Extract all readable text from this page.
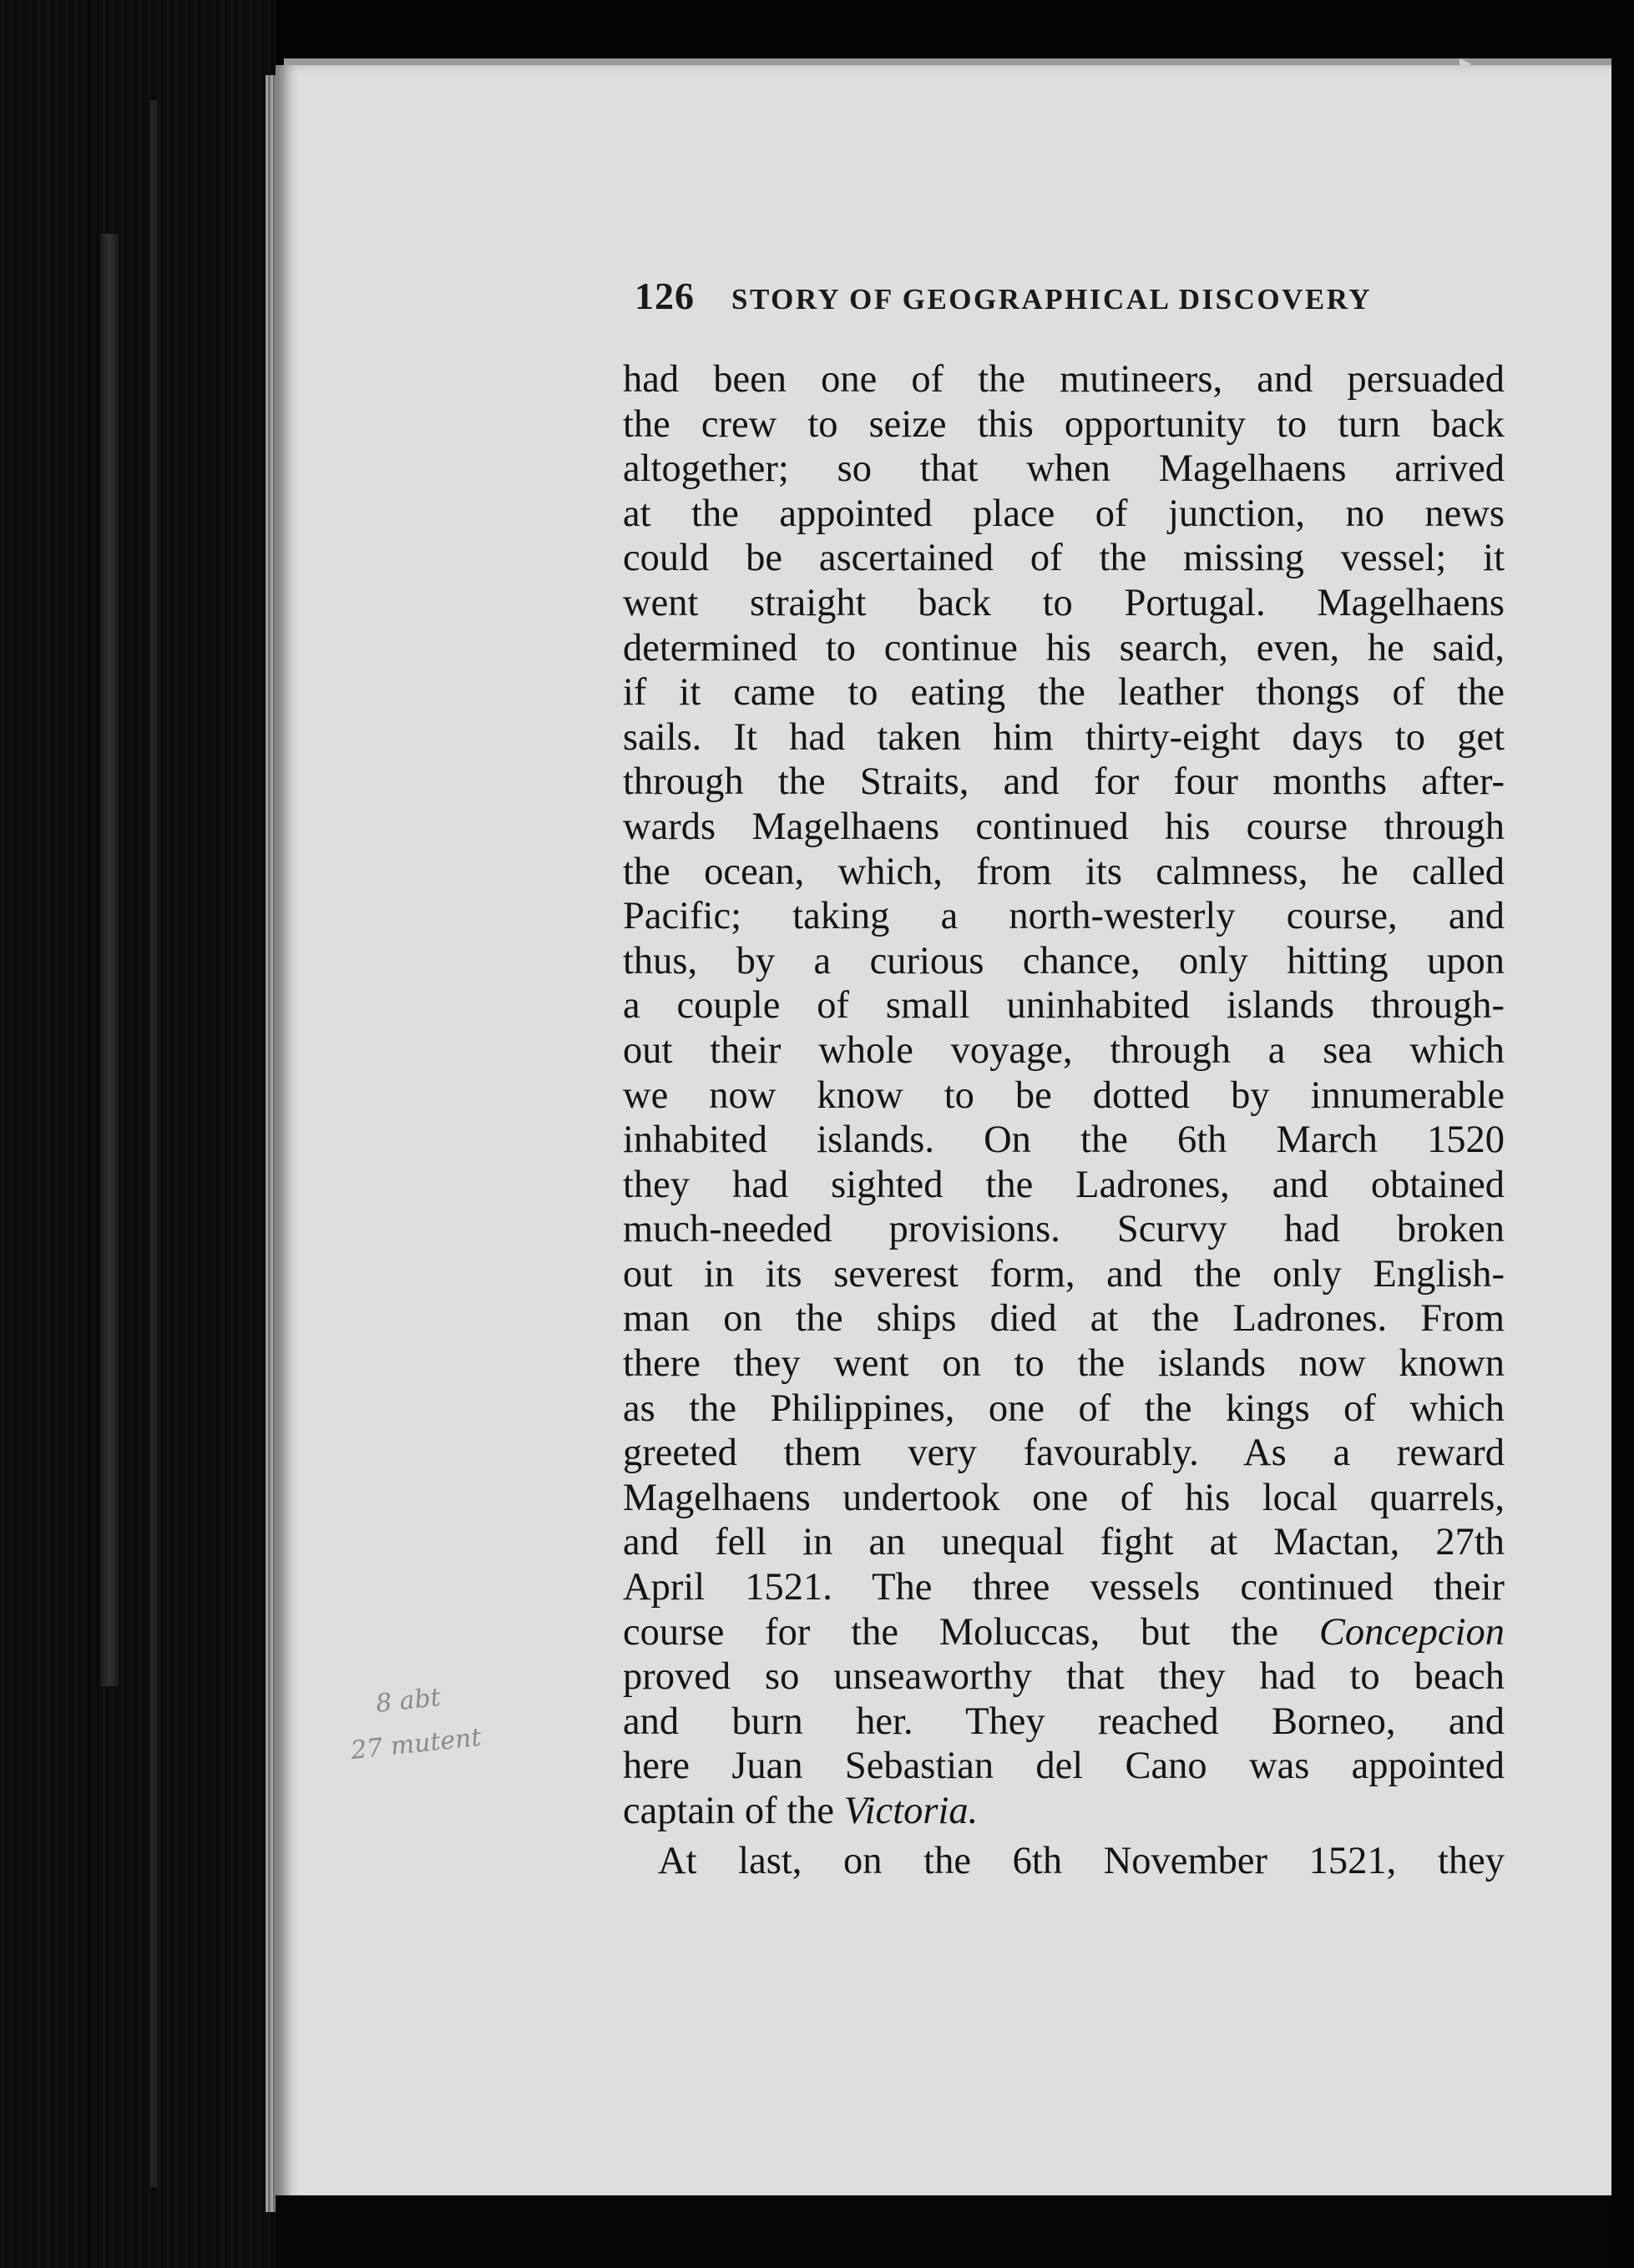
▸
126 STORY OF GEOGRAPHICAL DISCOVERY
had been one of the mutineers, and persuaded
the crew to seize this opportunity to turn back
altogether; so that when Magelhaens arrived
at the appointed place of junction, no news
could be ascertained of the missing vessel; it
went straight back to Portugal. Magelhaens
determined to continue his search, even, he said,
if it came to eating the leather thongs of the
sails. It had taken him thirty-eight days to get
through the Straits, and for four months after-
wards Magelhaens continued his course through
the ocean, which, from its calmness, he called
Pacific; taking a north-westerly course, and
thus, by a curious chance, only hitting upon
a couple of small uninhabited islands through-
out their whole voyage, through a sea which
we now know to be dotted by innumerable
inhabited islands. On the 6th March 1520
they had sighted the Ladrones, and obtained
much-needed provisions. Scurvy had broken
out in its severest form, and the only English-
man on the ships died at the Ladrones. From
there they went on to the islands now known
as the Philippines, one of the kings of which
greeted them very favourably. As a reward
Magelhaens undertook one of his local quarrels,
and fell in an unequal fight at Mactan, 27th
April 1521. The three vessels continued their
course for the Moluccas, but the Concepcion
proved so unseaworthy that they had to beach
and burn her. They reached Borneo, and
here Juan Sebastian del Cano was appointed
captain of the Victoria.
At last, on the 6th November 1521, they
8 abt
27 mutent
